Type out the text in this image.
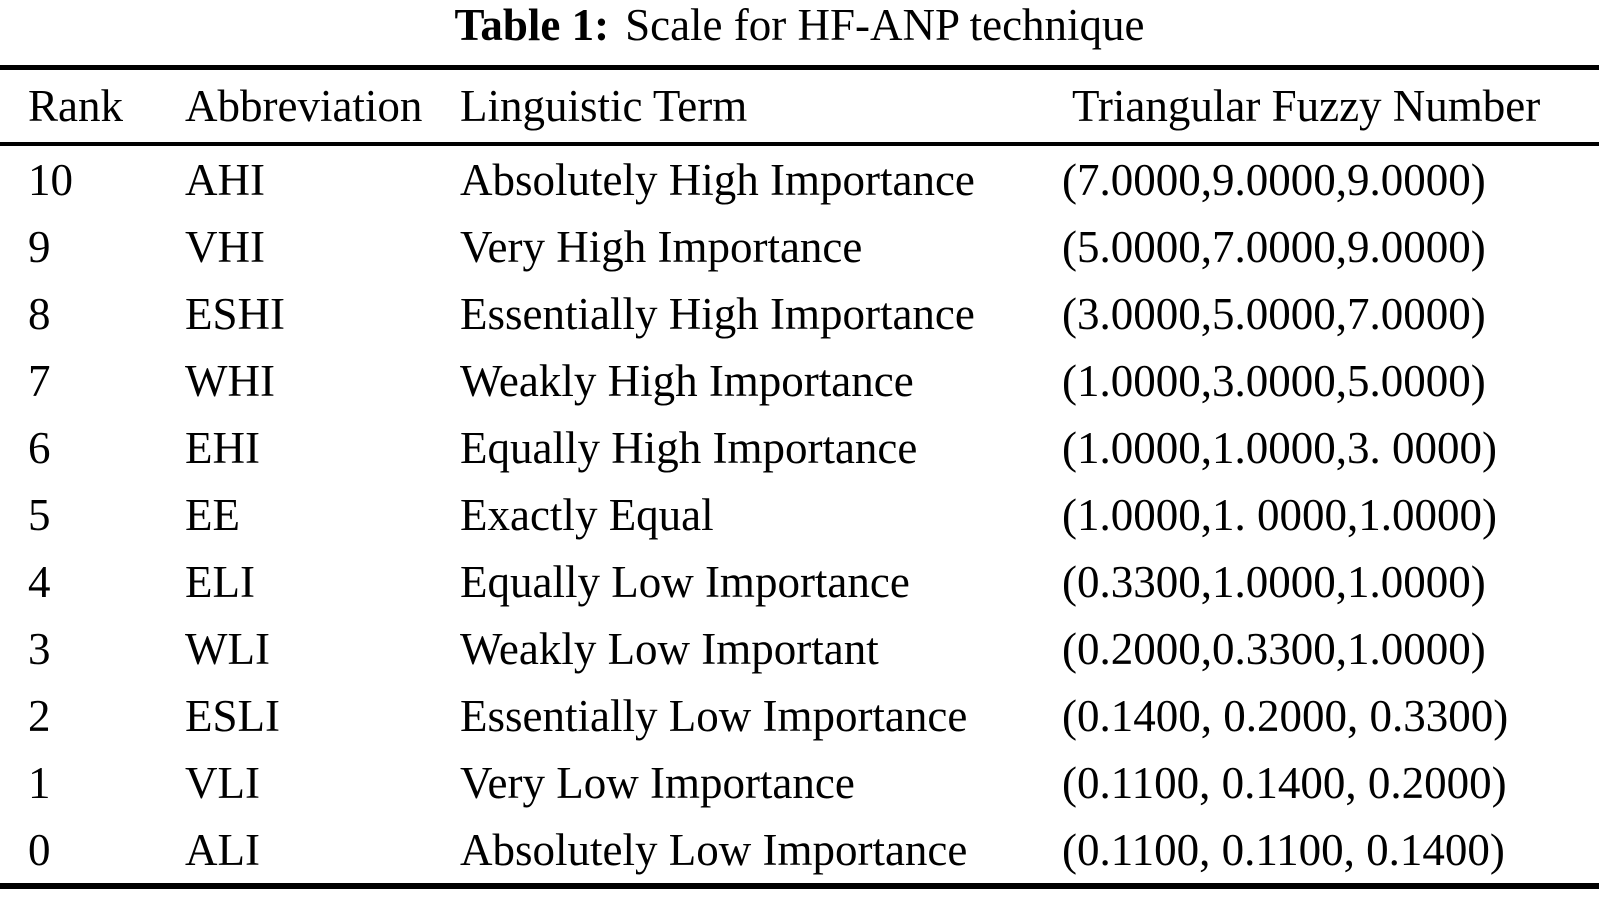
Table 1: Scale for HF-ANP technique
Rank	Abbreviation	Linguistic Term	Triangular Fuzzy Number
10	AHI	Absolutely High Importance	(7.0000,9.0000,9.0000)
9	VHI	Very High Importance	(5.0000,7.0000,9.0000)
8	ESHI	Essentially High Importance	(3.0000,5.0000,7.0000)
7	WHI	Weakly High Importance	(1.0000,3.0000,5.0000)
6	EHI	Equally High Importance	(1.0000,1.0000,3. 0000)
5	EE	Exactly Equal	(1.0000,1. 0000,1.0000)
4	ELI	Equally Low Importance	(0.3300,1.0000,1.0000)
3	WLI	Weakly Low Important	(0.2000,0.3300,1.0000)
2	ESLI	Essentially Low Importance	(0.1400, 0.2000, 0.3300)
1	VLI	Very Low Importance	(0.1100, 0.1400, 0.2000)
0	ALI	Absolutely Low Importance	(0.1100, 0.1100, 0.1400)
